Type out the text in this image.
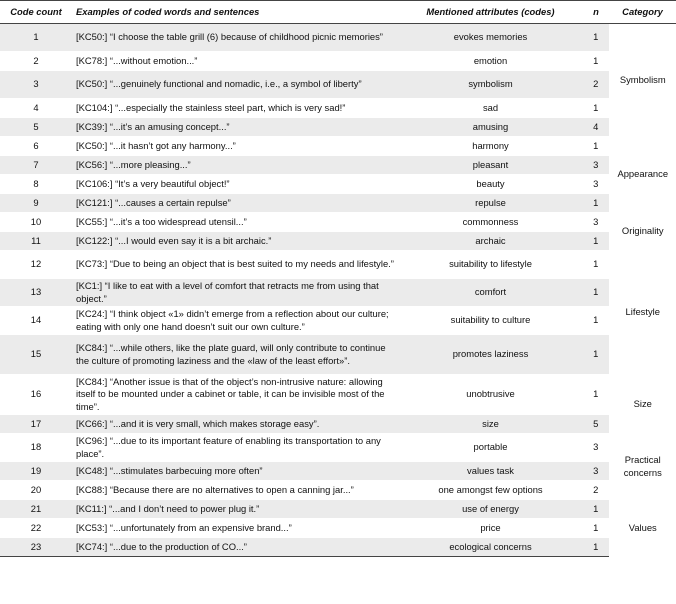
Code count	Examples of coded words and sentences	Mentioned attributes (codes)	n	Category
1	[KC50:] “I choose the table grill (6) because of childhood picnic memories”	evokes memories	1	Symbolism
2	[KC78:] “...without emotion...”	emotion	1	
3	[KC50:] “...genuinely functional and nomadic, i.e., a symbol of liberty”	symbolism	2	
4	[KC104:] “...especially the stainless steel part, which is very sad!”	sad	1	
5	[KC39:] “...it’s an amusing concept...”	amusing	4	
6	[KC50:] “...it hasn’t got any harmony...”	harmony	1	Appearance
7	[KC56:] “...more pleasing...”	pleasant	3	
8	[KC106:] “It’s a very beautiful object!”	beauty	3	
9	[KC121:] “...causes a certain repulse”	repulse	1	
10	[KC55:] “...it’s a too widespread utensil...”	commonness	3	Originality
11	[KC122:] “...I would even say it is a bit archaic.”	archaic	1	
12	[KC73:] “Due to being an object that is best suited to my needs and lifestyle.”	suitability to lifestyle	1	Lifestyle
13	[KC1:] “I like to eat with a level of comfort that retracts me from using that object.”	comfort	1	
14	[KC24:] “I think object «1» didn’t emerge from a reflection about our culture; eating with only one hand doesn’t suit our own culture.”	suitability to culture	1	
15	[KC84:] “...while others, like the plate guard, will only contribute to continue the culture of promoting laziness and the «law of the least effort»”.	promotes laziness	1	
16	[KC84:] “Another issue is that of the object’s non-intrusive nature: allowing itself to be mounted under a cabinet or table, it can be invisible most of the time”.	unobtrusive	1	Size
17	[KC66:] “...and it is very small, which makes storage easy”.	size	5	
18	[KC96:] “...due to its important feature of enabling its transportation to any place”.	portable	3	Practical concerns
19	[KC48:] “...stimulates barbecuing more often”	values task	3	
20	[KC88:] “Because there are no alternatives to open a canning jar...”	one amongst few options	2	
21	[KC11:] “...and I don’t need to power plug it.”	use of energy	1	Values
22	[KC53:] “...unfortunately from an expensive brand...”	price	1	
23	[KC74:] “...due to the production of CO...”	ecological concerns	1	
